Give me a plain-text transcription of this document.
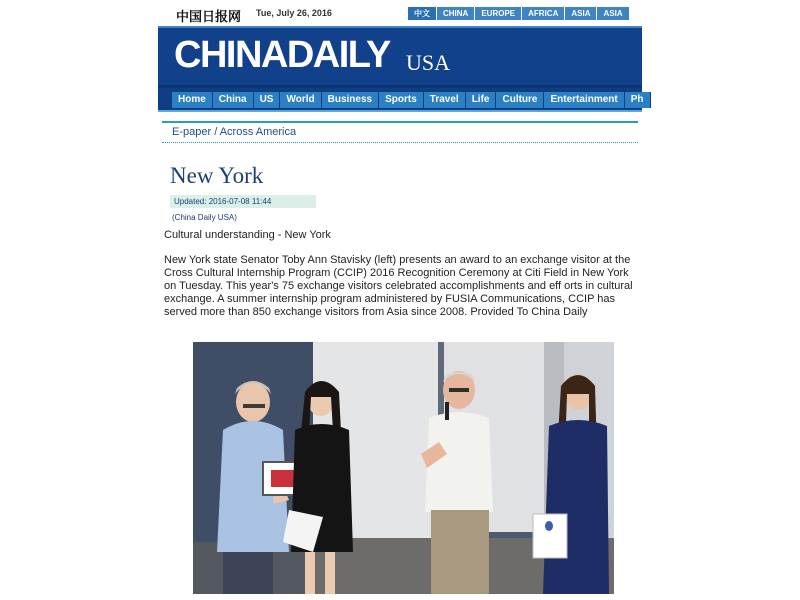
中国日报网 Tue, July 26, 2016	中文	CHINA	EUROPE	AFRICA	ASIA	ASIA
CHINADAILY USA
Home	China	US	World	Business	Sports	Travel	Life	Culture	Entertainment	Ph
E-paper / Across America
New York
Updated: 2016-07-08 11:44
(China Daily USA)
Cultural understanding - New York
New York state Senator Toby Ann Stavisky (left) presents an award to an exchange visitor at the Cross Cultural Internship Program (CCIP) 2016 Recognition Ceremony at Citi Field in New York on Tuesday. This year's 75 exchange visitors celebrated accomplishments and eff orts in cultural exchange. A summer internship program administered by FUSIA Communications, CCIP has served more than 850 exchange visitors from Asia since 2008. Provided To China Daily
